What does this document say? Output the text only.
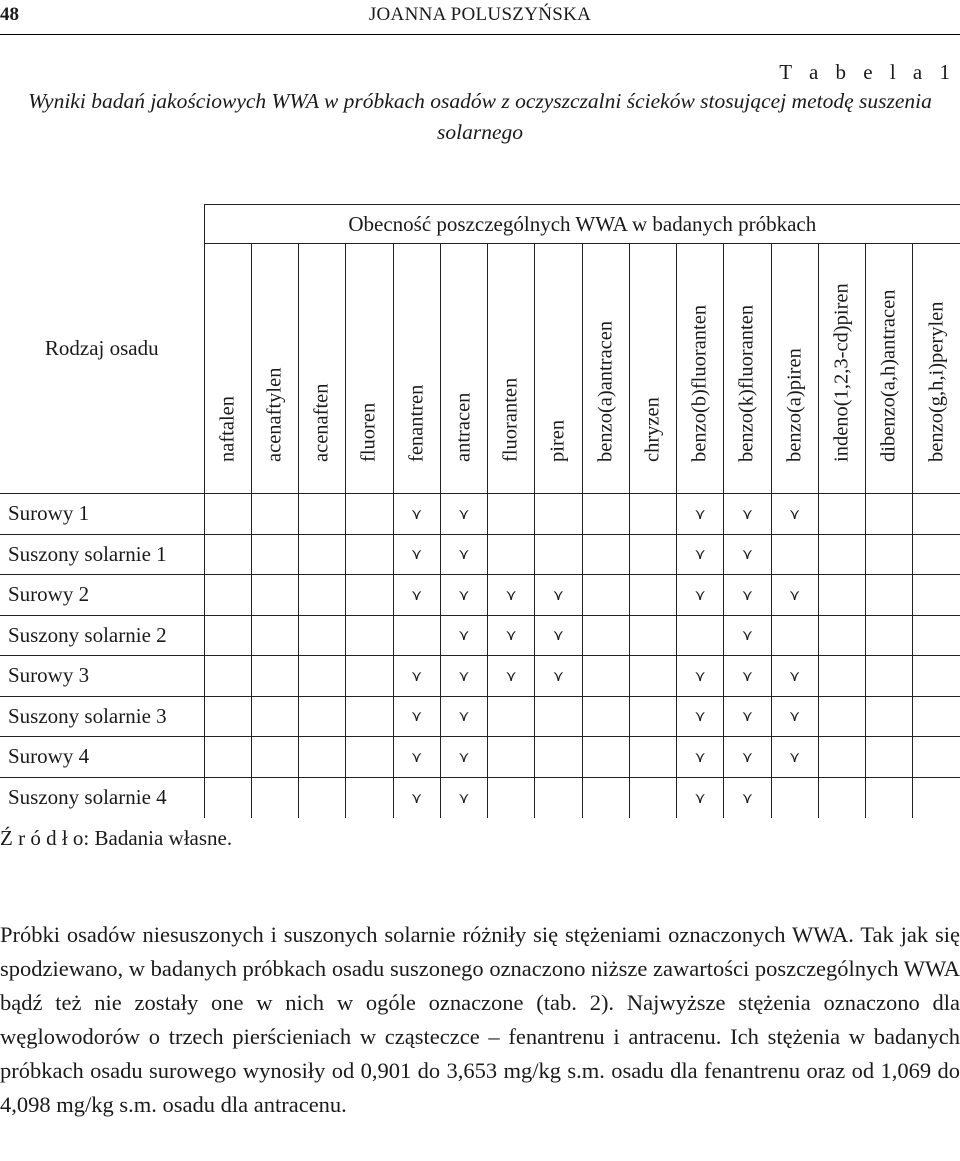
48	JOANNA POLUSZYŃSKA
T a b e l a 1
Wyniki badań jakościowych WWA w próbkach osadów z oczyszczalni ścieków stosującej metodę suszenia solarnego
Rodzaj osadu	Obecność poszczególnych WWA w badanych próbkach															

	naftalen	acenaftylen	acenaften	fluoren	fenantren	antracen	fluoranten	piren	benzo(a)antracen	chryzen	benzo(b)fluoranten	benzo(k)fluoranten	benzo(a)piren	indeno(1,2,3-cd)piren	dibenzo(a,h)antracen	benzo(g,h,i)perylen

Surowy 1					⋎	⋎					⋎	⋎	⋎			
Suszony solarnie 1					⋎	⋎					⋎	⋎				
Surowy 2					⋎	⋎	⋎	⋎			⋎	⋎	⋎			
Suszony solarnie 2						⋎	⋎	⋎				⋎				
Surowy 3					⋎	⋎	⋎	⋎			⋎	⋎	⋎			
Suszony solarnie 3					⋎	⋎					⋎	⋎	⋎			
Surowy 4					⋎	⋎					⋎	⋎	⋎			
Suszony solarnie 4					⋎	⋎					⋎	⋎				
Ź r ó d ł o: Badania własne.

Próbki osadów niesuszonych i suszonych solarnie różniły się stężeniami oznaczonych WWA. Tak jak się spodziewano, w badanych próbkach osadu suszonego oznaczono niższe zawartości poszczególnych WWA bądź też nie zostały one w nich w ogóle oznaczone (tab. 2). Najwyższe stężenia oznaczono dla węglowodorów o trzech pierścieniach w cząsteczce – fenantrenu i antracenu. Ich stężenia w badanych próbkach osadu surowego wynosiły od 0,901 do 3,653 mg/kg s.m. osadu dla fenantrenu oraz od 1,069 do 4,098 mg/kg s.m. osadu dla antracenu.
